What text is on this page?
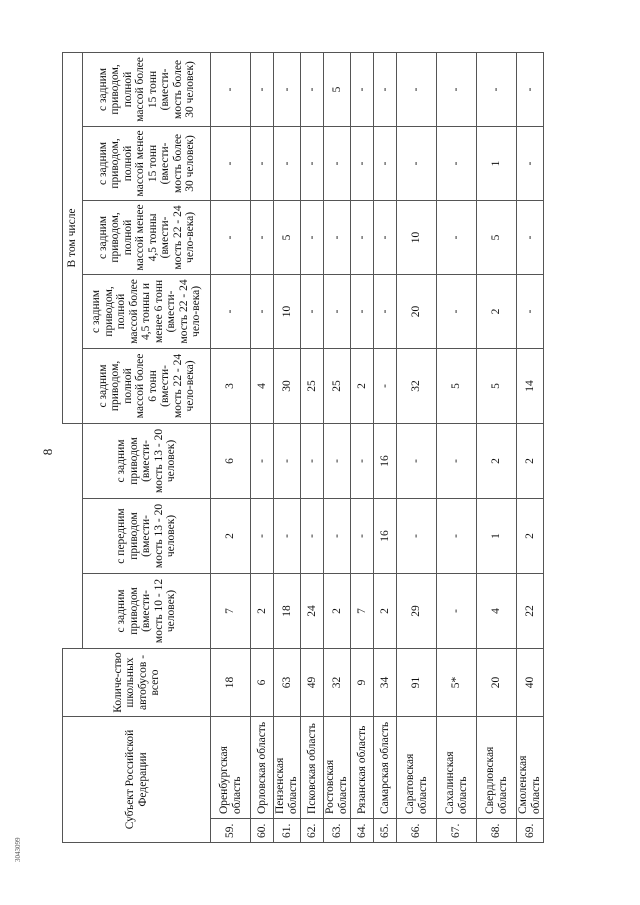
8
3043099
Субъект Российской Федерации		Количе-ство школьных автобусов - всего				В том числе				
			с задним приводом (вмести-мость 10 - 12 человек)	с передним приводом (вмести-мость 13 - 20 человек)	с задним приводом (вмести-мость 13 - 20 человек)	с задним приводом, полной массой более 6 тонн (вмести-мость 22 - 24 чело-века)	с задним приводом, полной массой более 4,5 тонны и менее 6 тонн (вмести-мость 22 - 24 чело-века)	с задним приводом, полной массой менее 4,5 тонны (вмести-мость 22 - 24 чело-века)	с задним приводом, полной массой менее 15 тонн (вмести-мость более 30 человек)	с задним приводом, полной массой более 15 тонн (вмести-мость более 30 человек)
59.	Оренбургская область	18	7	2	6	3	-	-	-	-
60.	Орловская область	6	2	-	-	4	-	-	-	-
61.	Пензенская область	63	18	-	-	30	10	5	-	-
62.	Псковская область	49	24	-	-	25	-	-	-	-
63.	Ростовская область	32	2	-	-	25	-	-	-	5
64.	Рязанская область	9	7	-	-	2	-	-	-	-
65.	Самарская область	34	2	16	16	-	-	-	-	-
66.	Саратовская область	91	29	-	-	32	20	10	-	-
67.	Сахалинская область	5*	-	-	-	5	-	-	-	-
68.	Свердловская область	20	4	1	2	5	2	5	1	-
69.	Смоленская область	40	22	2	2	14	-	-	-	-
